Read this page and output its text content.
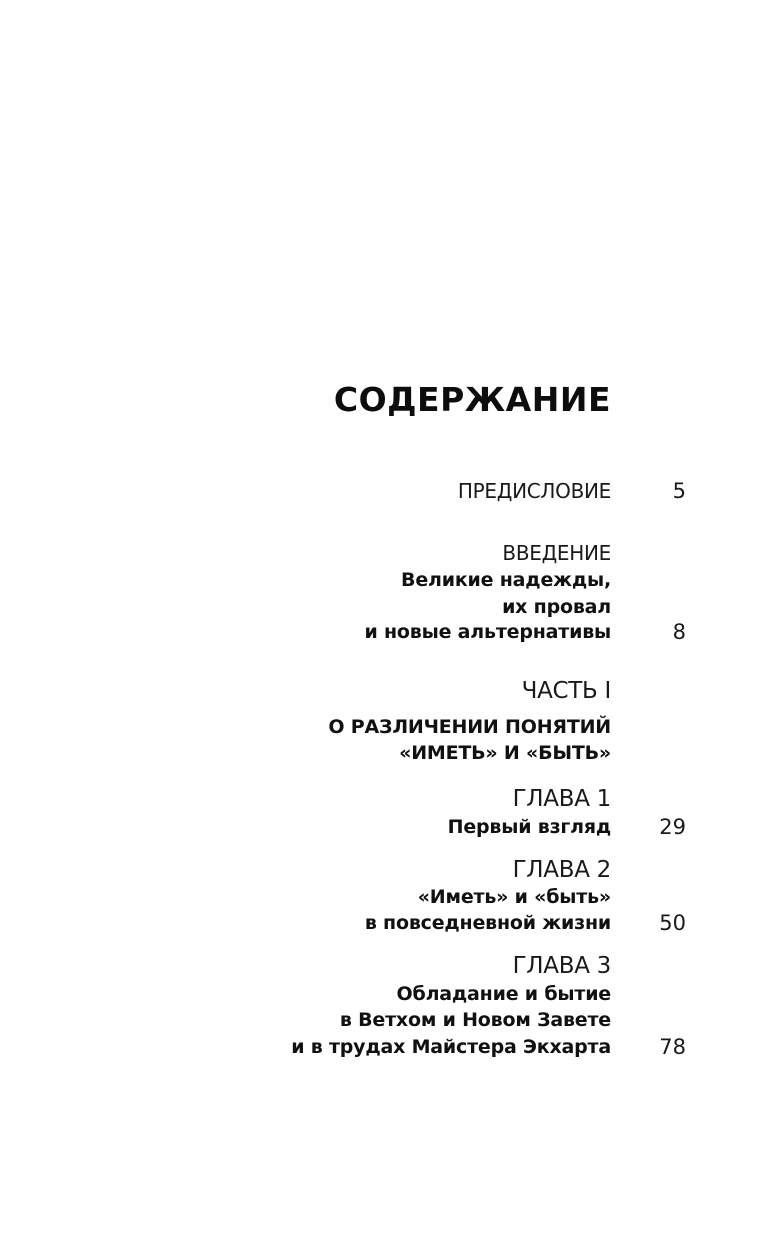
СОДЕРЖАНИЕ
ПРЕДИСЛОВИЕ	5
ВВЕДЕНИЕ
Великие надежды,
их провал
и новые альтернативы	8
ЧАСТЬ I
О РАЗЛИЧЕНИИ ПОНЯТИЙ
«ИМЕТЬ» И «БЫТЬ»
ГЛАВА 1
Первый взгляд 29
ГЛАВА 2
«Иметь» и «быть»
в повседневной жизни 50
ГЛАВА 3
Обладание и бытие
в Ветхом и Новом Завете
и в трудах Майстера Экхарта 78
